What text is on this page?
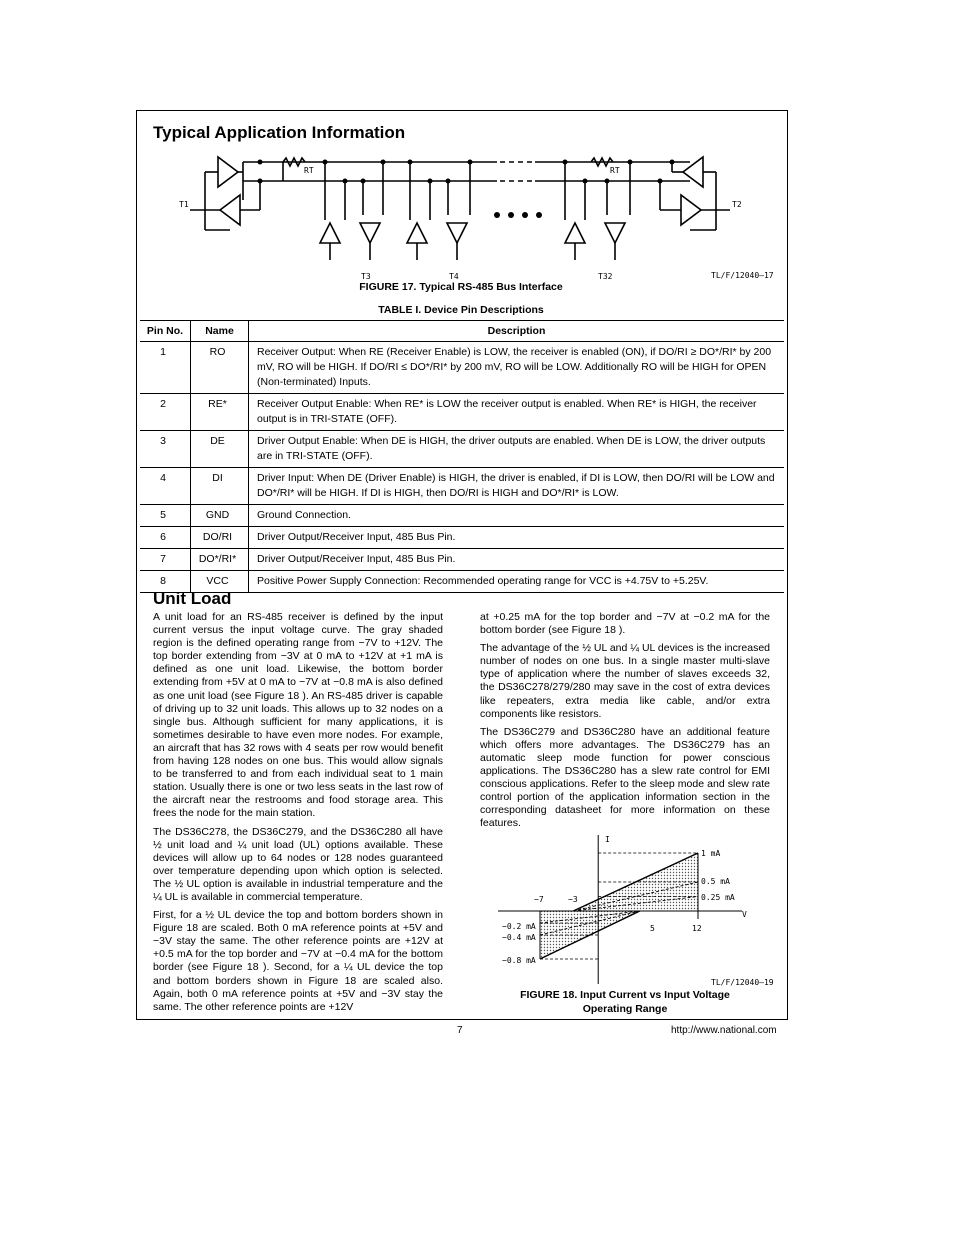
Typical Application Information
RT	RT
T1	T2
T3	T4	T32	TL/F/12040–17
FIGURE 17. Typical RS-485 Bus Interface
TABLE I. Device Pin Descriptions
Pin No.	Name	Description
1	RO	Receiver Output: When RE (Receiver Enable) is LOW, the receiver is enabled (ON), if DO/RI ≥ DO*/RI* by 200 mV, RO will be HIGH. If DO/RI ≤ DO*/RI* by 200 mV, RO will be LOW. Additionally RO will be HIGH for OPEN (Non-terminated) Inputs.
2	RE*	Receiver Output Enable: When RE* is LOW the receiver output is enabled. When RE* is HIGH, the receiver output is in TRI-STATE (OFF).
3	DE	Driver Output Enable: When DE is HIGH, the driver outputs are enabled. When DE is LOW, the driver outputs are in TRI-STATE (OFF).
4	DI	Driver Input: When DE (Driver Enable) is HIGH, the driver is enabled, if DI is LOW, then DO/RI will be LOW and DO*/RI* will be HIGH. If DI is HIGH, then DO/RI is HIGH and DO*/RI* is LOW.
5	GND	Ground Connection.
6	DO/RI	Driver Output/Receiver Input, 485 Bus Pin.
7	DO*/RI*	Driver Output/Receiver Input, 485 Bus Pin.
8	VCC	Positive Power Supply Connection: Recommended operating range for VCC is +4.75V to +5.25V.
Unit Load

A unit load for an RS-485 receiver is defined by the input current versus the input voltage curve. The gray shaded region is the defined operating range from −7V to +12V. The top border extending from −3V at 0 mA to +12V at +1 mA is defined as one unit load. Likewise, the bottom border extending from +5V at 0 mA to −7V at −0.8 mA is also defined as one unit load (see Figure 18 ). An RS-485 driver is capable of driving up to 32 unit loads. This allows up to 32 nodes on a single bus. Although sufficient for many applications, it is sometimes desirable to have even more nodes. For example, an aircraft that has 32 rows with 4 seats per row would benefit from having 128 nodes on one bus. This would allow signals to be transferred to and from each individual seat to 1 main station. Usually there is one or two less seats in the last row of the aircraft near the restrooms and food storage area. This frees the node for the main station.

The DS36C278, the DS36C279, and the DS36C280 all have ½ unit load and ¼ unit load (UL) options available. These devices will allow up to 64 nodes or 128 nodes guaranteed over temperature depending upon which option is selected. The ½ UL option is available in industrial temperature and the ¼ UL is available in commercial temperature.

First, for a ½ UL device the top and bottom borders shown in Figure 18 are scaled. Both 0 mA reference points at +5V and −3V stay the same. The other reference points are +12V at +0.5 mA for the top border and −7V at −0.4 mA for the bottom border (see Figure 18 ). Second, for a ¼ UL device the top and bottom borders shown in Figure 18 are scaled also. Again, both 0 mA reference points at +5V and −3V stay the same. The other reference points are +12V

at +0.25 mA for the top border and −7V at −0.2 mA for the bottom border (see Figure 18 ).

The advantage of the ½ UL and ¼ UL devices is the increased number of nodes on one bus. In a single master multi-slave type of application where the number of slaves exceeds 32, the DS36C278/279/280 may save in the cost of extra devices like repeaters, extra media like cable, and/or extra components like resistors.

The DS36C279 and DS36C280 have an additional feature which offers more advantages. The DS36C279 has an automatic sleep mode function for power conscious applications. The DS36C280 has a slew rate control for EMI conscious applications. Refer to the sleep mode and slew rate control portion of the application information section in the corresponding datasheet for more information on these features.

I
V
−7	−3
5	12
1 mA
0.5 mA
0.25 mA
−0.2 mA
−0.4 mA
−0.8 mA
TL/F/12040–19
FIGURE 18. Input Current vs Input Voltage
Operating Range
7	http://www.national.com
